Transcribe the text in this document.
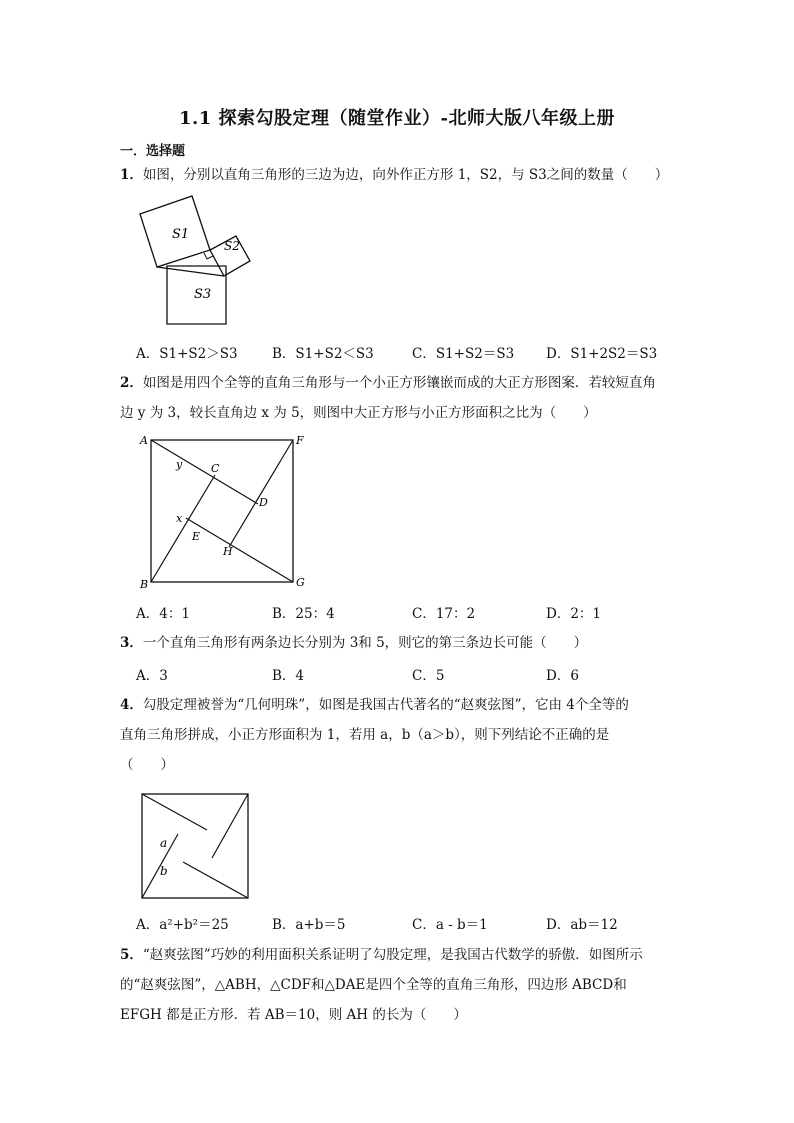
1.1 探索勾股定理（随堂作业）-北师大版八年级上册
一．选择题
1．如图，分别以直角三角形的三边为边，向外作正方形 1，S2，与 S3之间的数量（　　）
S1
S2
S3
A．S1+S2＞S3	B．S1+S2＜S3	C．S1+S2＝S3 D．S1+2S2＝S3
2．如图是用四个全等的直角三角形与一个小正方形镶嵌而成的大正方形图案．若较短直角
边 y 为 3，较长直角边 x 为 5，则图中大正方形与小正方形面积之比为（　　）
A	F
C
y
D
x
E
H
B	G
A．4：1	B．25：4	C．17：2	D．2：1
3．一个直角三角形有两条边长分别为 3和 5，则它的第三条边长可能（　　）
A．3	B．4	C．5	D．6
4．勾股定理被誉为“几何明珠”，如图是我国古代著名的“赵爽弦图”，它由 4个全等的
直角三角形拼成，小正方形面积为 1，若用 a，b（a＞b），则下列结论不正确的是
（　　）
a
b
A．a²+b²＝25	B．a+b＝5	C．a - b＝1	D．ab＝12
5．“赵爽弦图”巧妙的利用面积关系证明了勾股定理，是我国古代数学的骄傲．如图所示
的“赵爽弦图”，△ABH，△CDF和△DAE是四个全等的直角三角形，四边形 ABCD和
EFGH 都是正方形．若 AB＝10，则 AH 的长为（　　）
